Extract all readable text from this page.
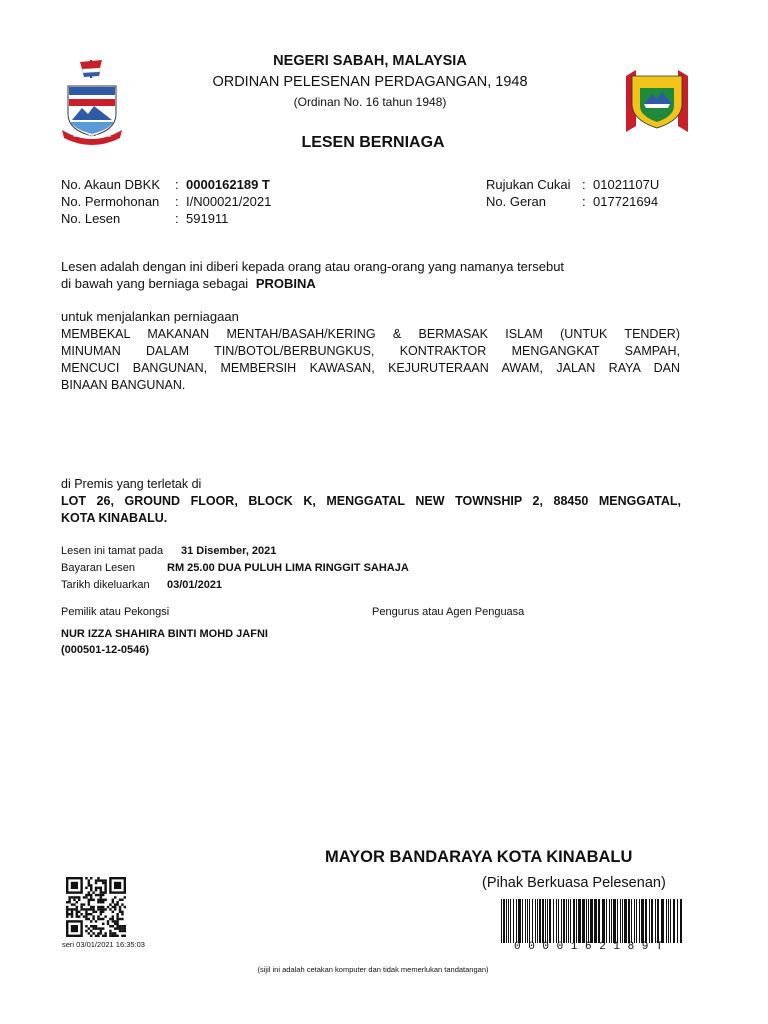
SABAH MAJU JAYA
NEGERI SABAH, MALAYSIA
ORDINAN PELESENAN PERDAGANGAN, 1948
(Ordinan No. 16 tahun 1948)
LESEN BERNIAGA
No. Akaun DBKK	: 0000162189 T
No. Permohonan	: I/N00021/2021
No. Lesen	: 591911
Rujukan Cukai : 01021107U
No. Geran	: 017721694
Lesen adalah dengan ini diberi kepada orang atau orang-orang yang namanya tersebut
di bawah yang berniaga sebagai PROBINA
untuk menjalankan perniagaan
MEMBEKAL MAKANAN MENTAH/BASAH/KERING & BERMASAK ISLAM (UNTUK TENDER)
MINUMAN DALAM TIN/BOTOL/BERBUNGKUS, KONTRAKTOR MENGANGKAT SAMPAH,
MENCUCI BANGUNAN, MEMBERSIH KAWASAN, KEJURUTERAAN AWAM, JALAN RAYA DAN
BINAAN BANGUNAN.
di Premis yang terletak di
LOT 26, GROUND FLOOR, BLOCK K, MENGGATAL NEW TOWNSHIP 2, 88450 MENGGATAL,
KOTA KINABALU.
Lesen ini tamat pada	31 Disember, 2021
Bayaran Lesen	RM 25.00 DUA PULUH LIMA RINGGIT SAHAJA
Tarikh dikeluarkan	03/01/2021
Pemilik atau Pekongsi	Pengurus atau Agen Penguasa
NUR IZZA SHAHIRA BINTI MOHD JAFNI
(000501-12-0546)
MAYOR BANDARAYA KOTA KINABALU
(Pihak Berkuasa Pelesenan)
seri 03/01/2021 16:35:03	0000162189T
(sijil ini adalah cetakan komputer dan tidak memerlukan tandatangan)
